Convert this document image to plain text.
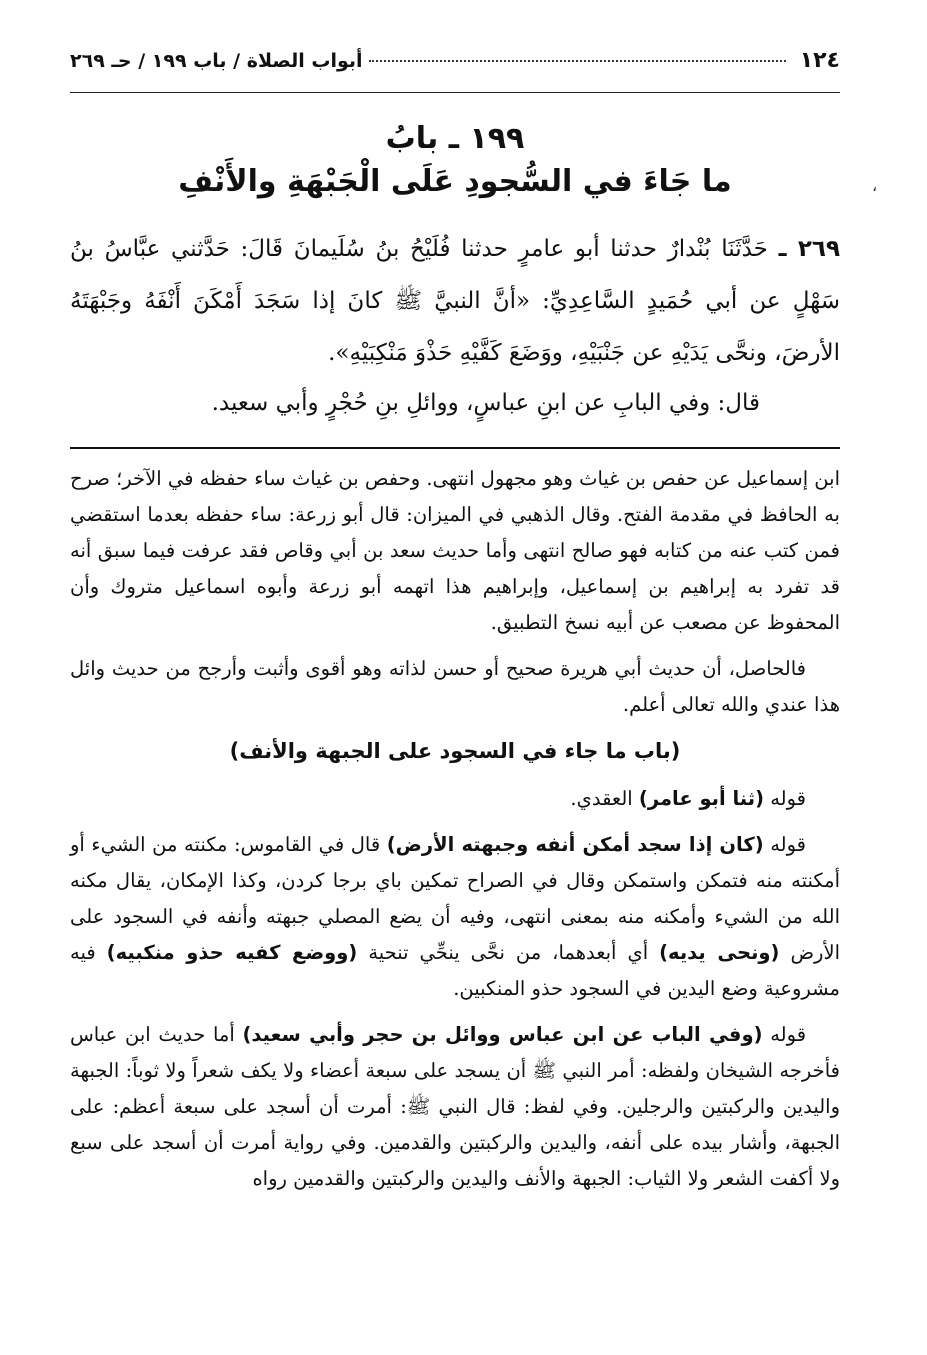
،
١٢٤
أبواب الصلاة / باب ١٩٩ / حـ ٢٦٩
١٩٩ ـ بابُ
ما جَاءَ في السُّجودِ عَلَى الْجَبْهَةِ والأَنْفِ
٢٦٩ ـ حَدَّثَنَا بُنْدارٌ حدثنا أبو عامرٍ حدثنا فُلَيْحُ بنُ سُلَيمانَ قَالَ: حَدَّثني عبَّاسُ بنُ سَهْلٍ عن أبي حُمَيدٍ السَّاعِدِيِّ: «أنَّ النبيَّ ﷺ كانَ إذا سَجَدَ أَمْكَنَ أَنْفَهُ وجَبْهَتَهُ الأرضَ، ونحَّى يَدَيْهِ عن جَنْبَيْهِ، ووَضَعَ كَفَّيْهِ حَذْوَ مَنْكِبَيْهِ».
قال: وفي البابِ عن ابنِ عباسٍ، ووائلِ بنِ حُجْرٍ وأبي سعيد.

ابن إسماعيل عن حفص بن غياث وهو مجهول انتهى. وحفص بن غياث ساء حفظه في الآخر؛ صرح به الحافظ في مقدمة الفتح. وقال الذهبي في الميزان: قال أبو زرعة: ساء حفظه بعدما استقضي فمن كتب عنه من كتابه فهو صالح انتهى وأما حديث سعد بن أبي وقاص فقد عرفت فيما سبق أنه قد تفرد به إبراهيم بن إسماعيل، وإبراهيم هذا اتهمه أبو زرعة وأبوه اسماعيل متروك وأن المحفوظ عن مصعب عن أبيه نسخ التطبيق.

فالحاصل، أن حديث أبي هريرة صحيح أو حسن لذاته وهو أقوى وأثبت وأرجح من حديث وائل هذا عندي والله تعالى أعلم.

(باب ما جاء في السجود على الجبهة والأنف)

قوله (ثنا أبو عامر) العقدي.

قوله (كان إذا سجد أمكن أنفه وجبهته الأرض) قال في القاموس: مكنته من الشيء أو أمكنته منه فتمكن واستمكن وقال في الصراح تمكين باي برجا كردن، وكذا الإمكان، يقال مكنه الله من الشيء وأمكنه منه بمعنى انتهى، وفيه أن يضع المصلي جبهته وأنفه في السجود على الأرض (ونحى يديه) أي أبعدهما، من نحَّى ينحِّي تنحية (ووضع كفيه حذو منكبيه) فيه مشروعية وضع اليدين في السجود حذو المنكبين.

قوله (وفي الباب عن ابن عباس ووائل بن حجر وأبي سعيد) أما حديث ابن عباس فأخرجه الشيخان ولفظه: أمر النبي ﷺ أن يسجد على سبعة أعضاء ولا يكف شعراً ولا ثوباً: الجبهة واليدين والركبتين والرجلين. وفي لفظ: قال النبي ﷺ: أمرت أن أسجد على سبعة أعظم: على الجبهة، وأشار بيده على أنفه، واليدين والركبتين والقدمين. وفي رواية أمرت أن أسجد على سبع ولا أكفت الشعر ولا الثياب: الجبهة والأنف واليدين والركبتين والقدمين رواه
